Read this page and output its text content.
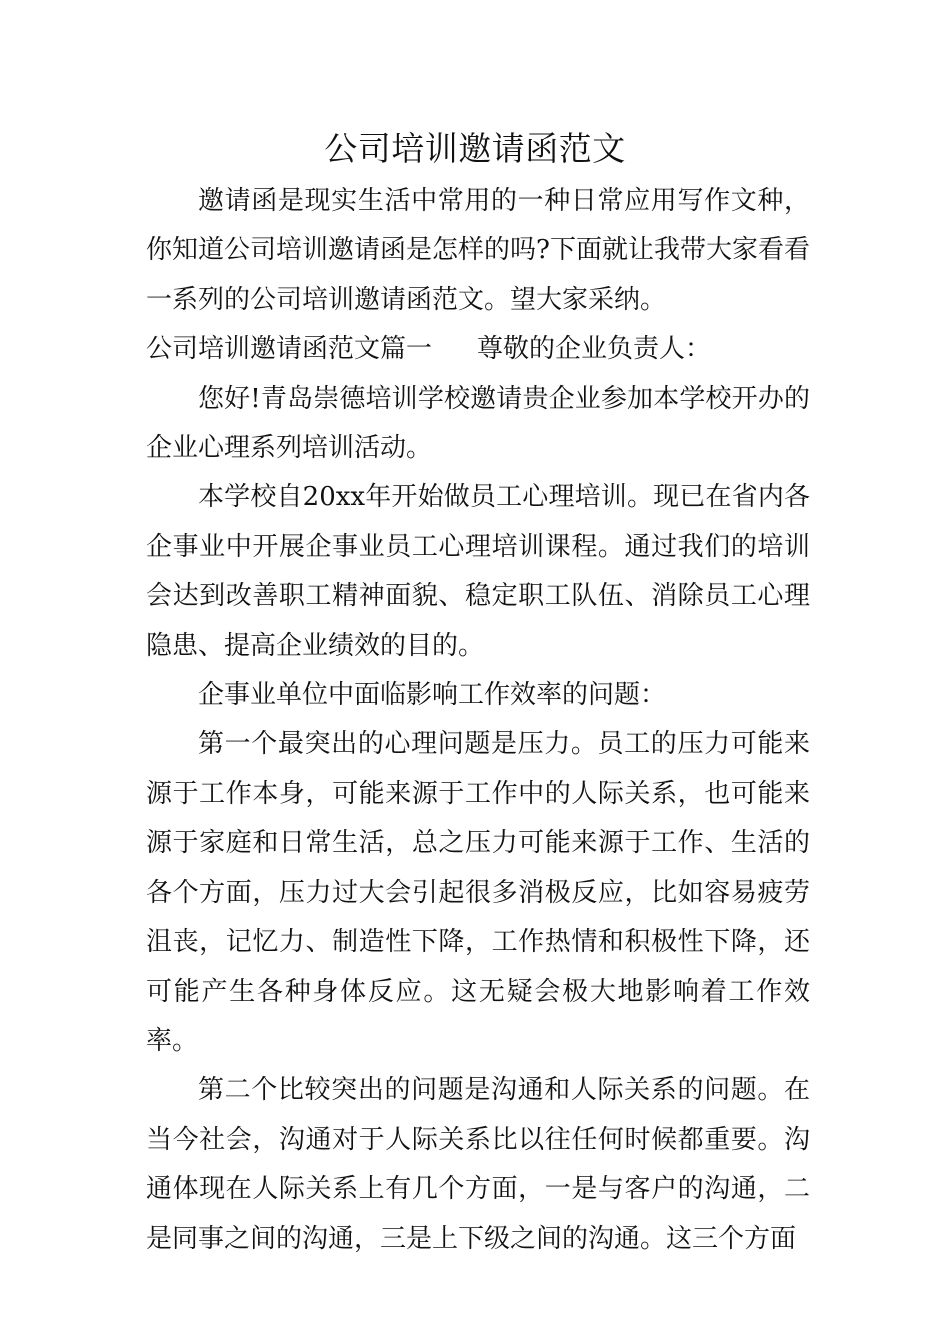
公司培训邀请函范文

邀请函是现实生活中常用的一种日常应用写作文种，你知道公司培训邀请函是怎样的吗?下面就让我带大家看看一系列的公司培训邀请函范文。望大家采纳。

公司培训邀请函范文篇一 尊敬的企业负责人：

您好!青岛崇德培训学校邀请贵企业参加本学校开办的企业心理系列培训活动。

本学校自20xx年开始做员工心理培训。现已在省内各企事业中开展企事业员工心理培训课程。通过我们的培训会达到改善职工精神面貌、稳定职工队伍、消除员工心理隐患、提高企业绩效的目的。

企事业单位中面临影响工作效率的问题：

第一个最突出的心理问题是压力。员工的压力可能来源于工作本身，可能来源于工作中的人际关系，也可能来源于家庭和日常生活，总之压力可能来源于工作、生活的各个方面，压力过大会引起很多消极反应，比如容易疲劳沮丧，记忆力、制造性下降，工作热情和积极性下降，还可能产生各种身体反应。这无疑会极大地影响着工作效率。

第二个比较突出的问题是沟通和人际关系的问题。在当今社会，沟通对于人际关系比以往任何时候都重要。沟通体现在人际关系上有几个方面，一是与客户的沟通，二是同事之间的沟通，三是上下级之间的沟通。这三个方面
